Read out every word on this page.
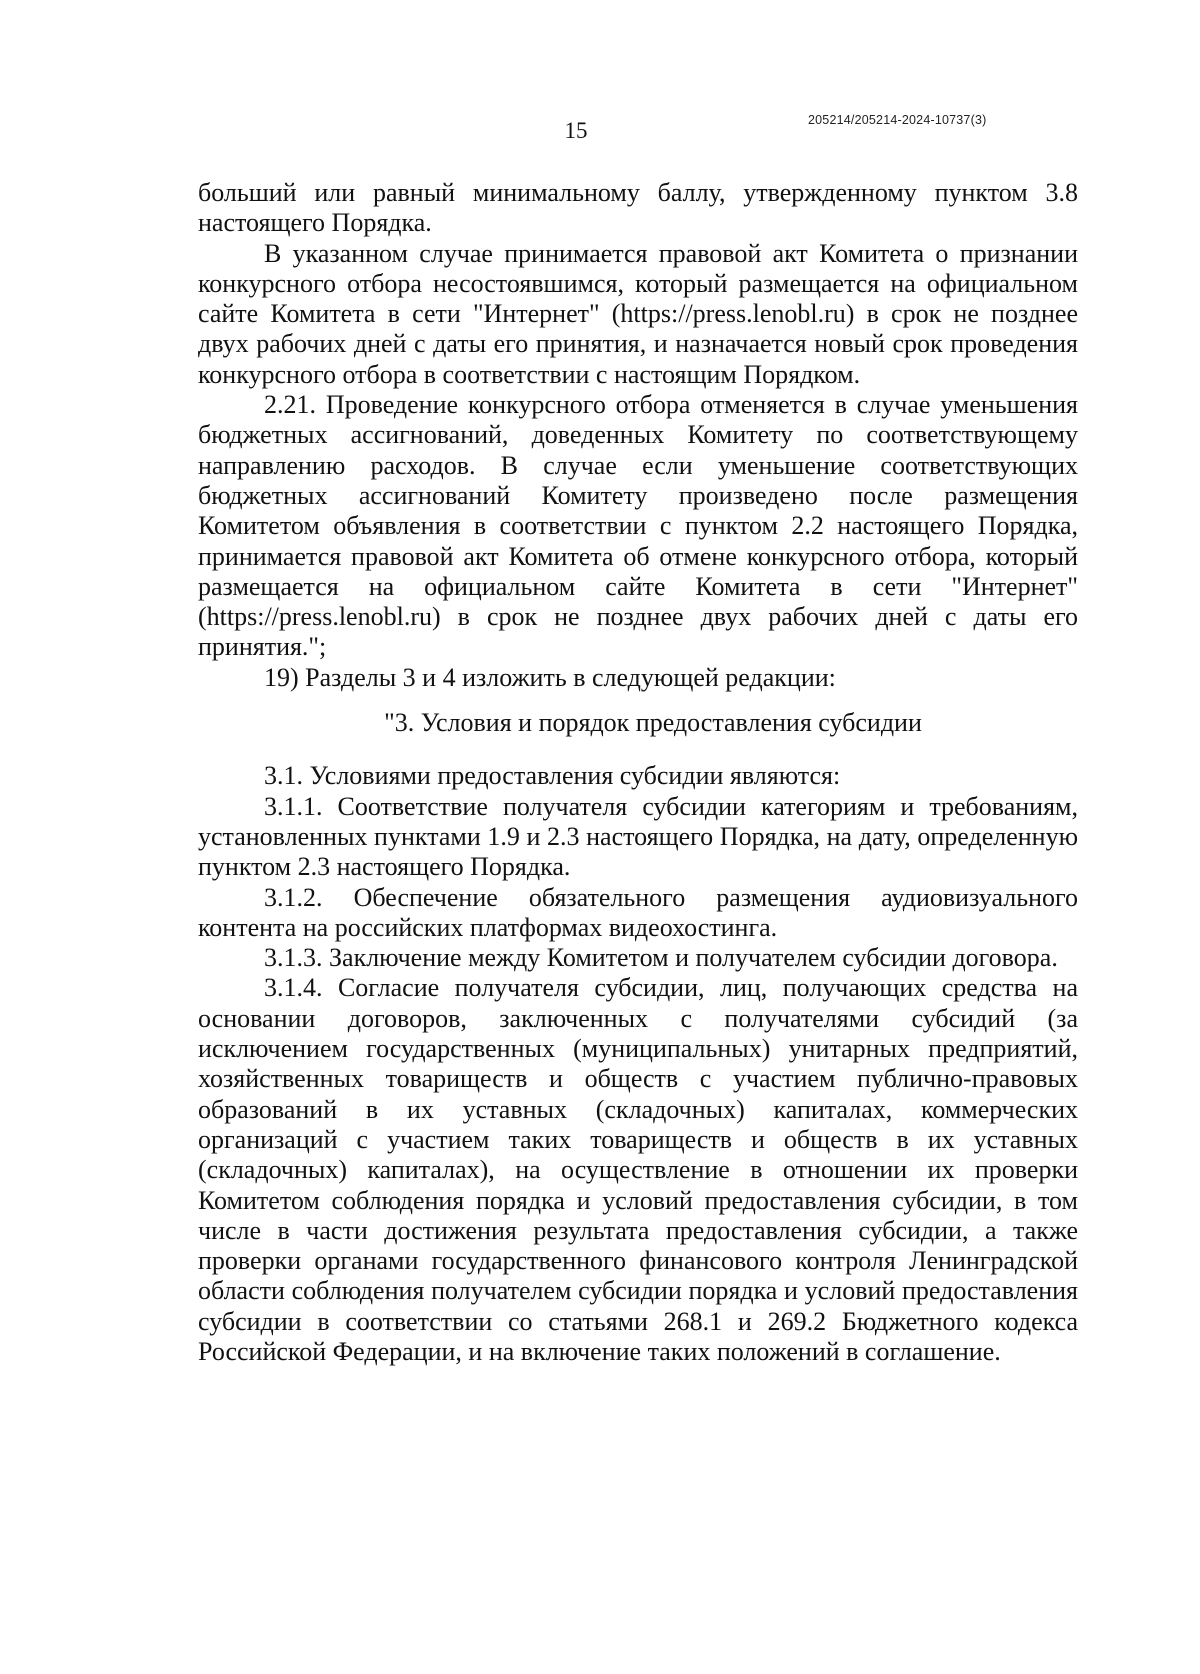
205214/205214-2024-10737(3)
15

больший или равный минимальному баллу, утвержденному пунктом 3.8 настоящего Порядка.

В указанном случае принимается правовой акт Комитета о признании конкурсного отбора несостоявшимся, который размещается на официальном сайте Комитета в сети "Интернет" (https://press.lenobl.ru) в срок не позднее двух рабочих дней с даты его принятия, и назначается новый срок проведения конкурсного отбора в соответствии с настоящим Порядком.

2.21. Проведение конкурсного отбора отменяется в случае уменьшения бюджетных ассигнований, доведенных Комитету по соответствующему направлению расходов. В случае если уменьшение соответствующих бюджетных ассигнований Комитету произведено после размещения Комитетом объявления в соответствии с пунктом 2.2 настоящего Порядка, принимается правовой акт Комитета об отмене конкурсного отбора, который размещается на официальном сайте Комитета в сети "Интернет" (https://press.lenobl.ru) в срок не позднее двух рабочих дней с даты его принятия.";

19) Разделы 3 и 4 изложить в следующей редакции:

"3. Условия и порядок предоставления субсидии

3.1. Условиями предоставления субсидии являются:

3.1.1. Соответствие получателя субсидии категориям и требованиям, установленных пунктами 1.9 и 2.3 настоящего Порядка, на дату, определенную пунктом 2.3 настоящего Порядка.

3.1.2. Обеспечение обязательного размещения аудиовизуального контента на российских платформах видеохостинга.

3.1.3. Заключение между Комитетом и получателем субсидии договора.

3.1.4. Согласие получателя субсидии, лиц, получающих средства на основании договоров, заключенных с получателями субсидий (за исключением государственных (муниципальных) унитарных предприятий, хозяйственных товариществ и обществ с участием публично-правовых образований в их уставных (складочных) капиталах, коммерческих организаций с участием таких товариществ и обществ в их уставных (складочных) капиталах), на осуществление в отношении их проверки Комитетом соблюдения порядка и условий предоставления субсидии, в том числе в части достижения результата предоставления субсидии, а также проверки органами государственного финансового контроля Ленинградской области соблюдения получателем субсидии порядка и условий предоставления субсидии в соответствии со статьями 268.1 и 269.2 Бюджетного кодекса Российской Федерации, и на включение таких положений в соглашение.
